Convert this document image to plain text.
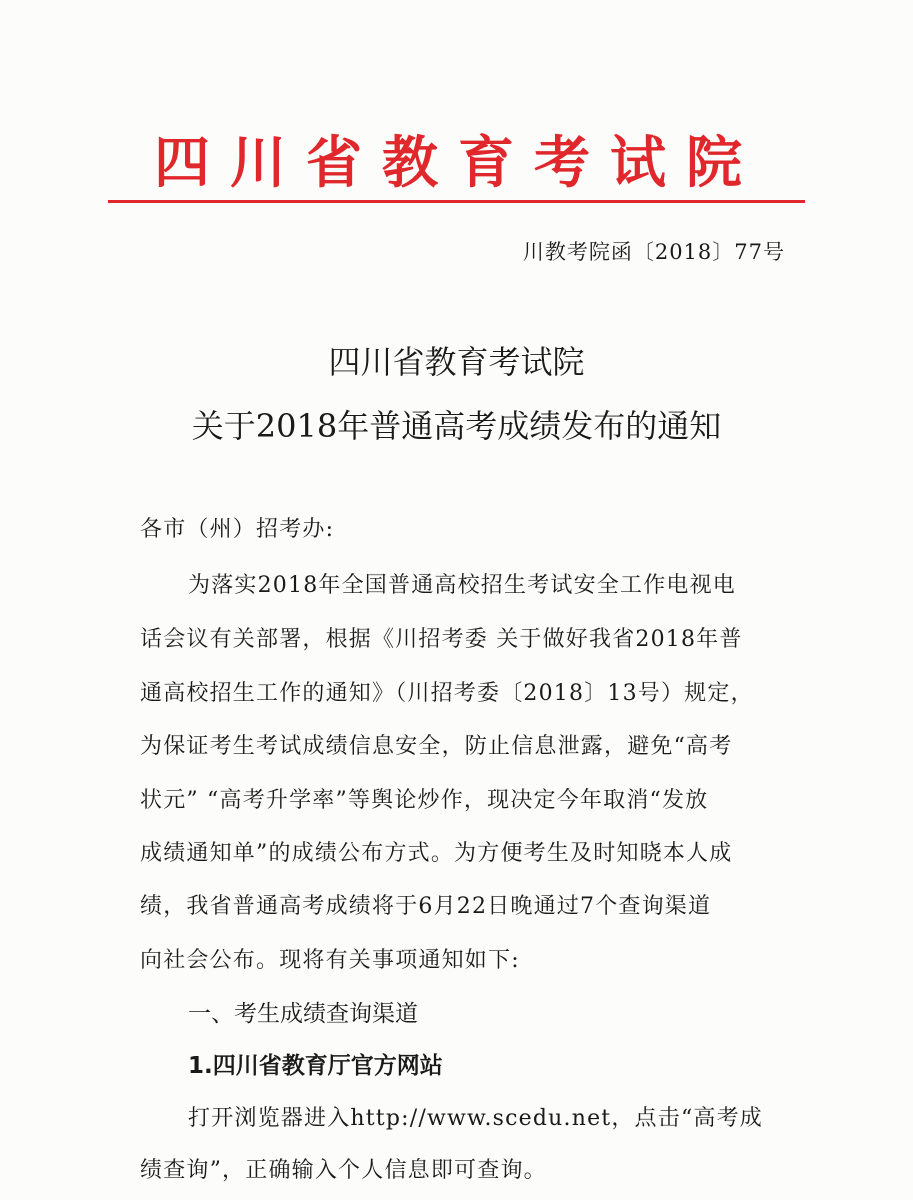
四川省教育考试院
川教考院函〔2018〕77号
四川省教育考试院
关于2018年普通高考成绩发布的通知
各市（州）招考办:
为落实2018年全国普通高校招生考试安全工作电视电
话会议有关部署，根据《川招考委 关于做好我省2018年普
通高校招生工作的通知》（川招考委〔2018〕13号）规定，
为保证考生考试成绩信息安全，防止信息泄露，避免“高考
状元” “高考升学率”等舆论炒作，现决定今年取消“发放
成绩通知单”的成绩公布方式。为方便考生及时知晓本人成
绩，我省普通高考成绩将于6月22日晚通过7个查询渠道
向社会公布。现将有关事项通知如下:
一、考生成绩查询渠道
1.四川省教育厅官方网站
打开浏览器进入http://www.scedu.net，点击“高考成
绩查询”，正确输入个人信息即可查询。
